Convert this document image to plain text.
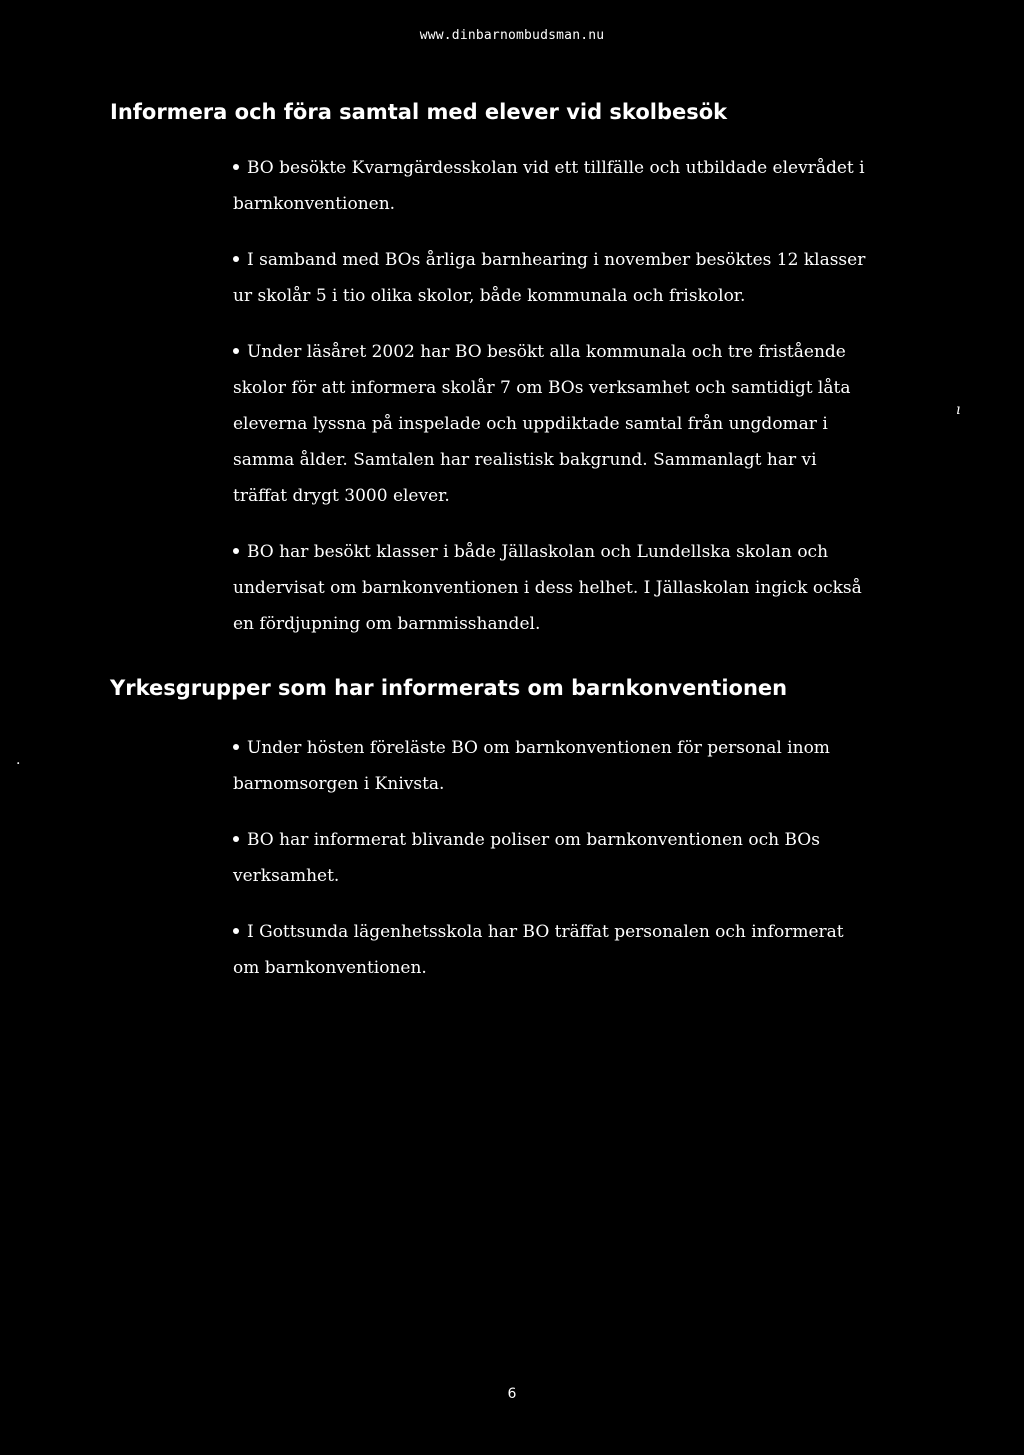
www.dinbarnombudsman.nu
Informera och föra samtal med elever vid skolbesök
BO besökte Kvarngärdesskolan vid ett tillfälle och utbildade elevrådet i barnkonventionen.
I samband med BOs årliga barnhearing i november besöktes 12 klasser ur skolår 5 i tio olika skolor, både kommunala och friskolor.
Under läsåret 2002 har BO besökt alla kommunala och tre fristående skolor för att informera skolår 7 om BOs verksamhet och samtidigt låta eleverna lyssna på inspelade och uppdiktade samtal från ungdomar i samma ålder. Samtalen har realistisk bakgrund. Sammanlagt har vi träffat drygt 3000 elever.
BO har besökt klasser i både Jällaskolan och Lundellska skolan och undervisat om barnkonventionen i dess helhet. I Jällaskolan ingick också en fördjupning om barnmisshandel.
ı
Yrkesgrupper som har informerats om barnkonventionen
.
Under hösten föreläste BO om barnkonventionen för personal inom barnomsorgen i Knivsta.
BO har informerat blivande poliser om barnkonventionen och BOs verksamhet.
I Gottsunda lägenhetsskola har BO träffat personalen och informerat om barnkonventionen.
6
